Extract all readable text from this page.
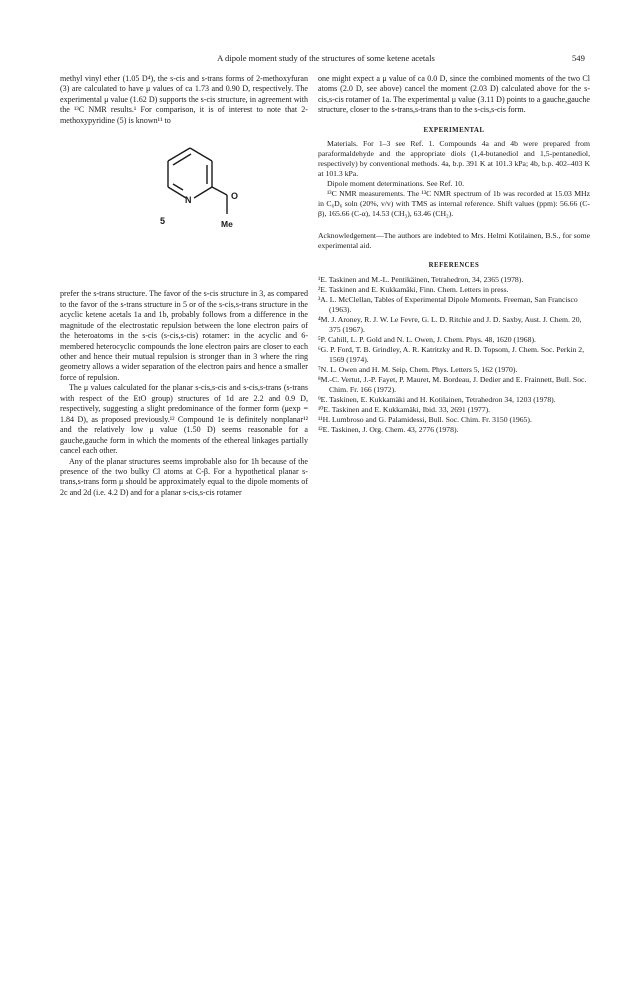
A dipole moment study of the structures of some ketene acetals	549

methyl vinyl ether (1.05 D⁴), the s-cis and s-trans forms of 2-methoxyfuran (3) are calculated to have μ values of ca 1.73 and 0.90 D, respectively. The experimental μ value (1.62 D) supports the s-cis structure, in agreement with the ¹³C NMR results.¹ For comparison, it is of interest to note that 2-methoxypyridine (5) is known¹¹ to

N	O
Me
5

prefer the s-trans structure. The favor of the s-cis structure in 3, as compared to the favor of the s-trans structure in 5 or of the s-cis,s-trans structure in the acyclic ketene acetals 1a and 1b, probably follows from a difference in the magnitude of the electrostatic repulsion between the lone electron pairs of the heteroatoms in the s-cis (s-cis,s-cis) rotamer: in the acyclic and 6-membered heterocyclic compounds the lone electron pairs are closer to each other and hence their mutual repulsion is stronger than in 3 where the ring geometry allows a wider separation of the electron pairs and hence a smaller force of repulsion.

The μ values calculated for the planar s-cis,s-cis and s-cis,s-trans (s-trans with respect of the EtO group) structures of 1d are 2.2 and 0.9 D, respectively, suggesting a slight predominance of the former form (μexp = 1.84 D), as proposed previously.¹² Compound 1e is definitely nonplanar¹² and the relatively low μ value (1.50 D) seems reasonable for a gauche,gauche form in which the moments of the ethereal linkages partially cancel each other.

Any of the planar structures seems improbable also for 1h because of the presence of the two bulky Cl atoms at C-β. For a hypothetical planar s-trans,s-trans form μ should be approximately equal to the dipole moments of 2c and 2d (i.e. 4.2 D) and for a planar s-cis,s-cis rotamer

one might expect a μ value of ca 0.0 D, since the combined moments of the two Cl atoms (2.0 D, see above) cancel the moment (2.03 D) calculated above for the s-cis,s-cis rotamer of 1a. The experimental μ value (3.11 D) points to a gauche,gauche structure, closer to the s-trans,s-trans than to the s-cis,s-cis form.

EXPERIMENTAL

Materials. For 1–3 see Ref. 1. Compounds 4a and 4b were prepared from paraformaldehyde and the appropriate diols (1,4-butanediol and 1,5-pentanediol, respectively) by conventional methods. 4a, b.p. 391 K at 101.3 kPa; 4b, b.p. 402–403 K at 101.3 kPa.

Dipole moment determinations. See Ref. 10.

¹³C NMR measurements. The ¹³C NMR spectrum of 1b was recorded at 15.03 MHz in C₆D₆ soln (20%, v/v) with TMS as internal reference. Shift values (ppm): 56.66 (C-β), 165.66 (C-α), 14.53 (CH₃), 63.46 (CH₂).

Acknowledgement—The authors are indebted to Mrs. Helmi Kotilainen, B.S., for some experimental aid.

REFERENCES

¹E. Taskinen and M.-L. Pentikäinen, Tetrahedron, 34, 2365 (1978).

²E. Taskinen and E. Kukkamäki, Finn. Chem. Letters in press.

³A. L. McClellan, Tables of Experimental Dipole Moments. Freeman, San Francisco (1963).

⁴M. J. Aroney, R. J. W. Le Fevre, G. L. D. Ritchie and J. D. Saxby, Aust. J. Chem. 20, 375 (1967).

⁵P. Cahill, L. P. Gold and N. L. Owen, J. Chem. Phys. 48, 1620 (1968).

⁶G. P. Ford, T. B. Grindley, A. R. Katritzky and R. D. Topsom, J. Chem. Soc. Perkin 2, 1569 (1974).

⁷N. L. Owen and H. M. Seip, Chem. Phys. Letters 5, 162 (1970).

⁸M.-C. Vertut, J.-P. Fayet, P. Mauret, M. Bordeau, J. Dedier and E. Frainnett, Bull. Soc. Chim. Fr. 166 (1972).

⁹E. Taskinen, E. Kukkamäki and H. Kotilainen, Tetrahedron 34, 1203 (1978).

¹⁰E. Taskinen and E. Kukkamäki, Ibid. 33, 2691 (1977).

¹¹H. Lumbroso and G. Palamidessi, Bull. Soc. Chim. Fr. 3150 (1965).

¹²E. Taskinen, J. Org. Chem. 43, 2776 (1978).
